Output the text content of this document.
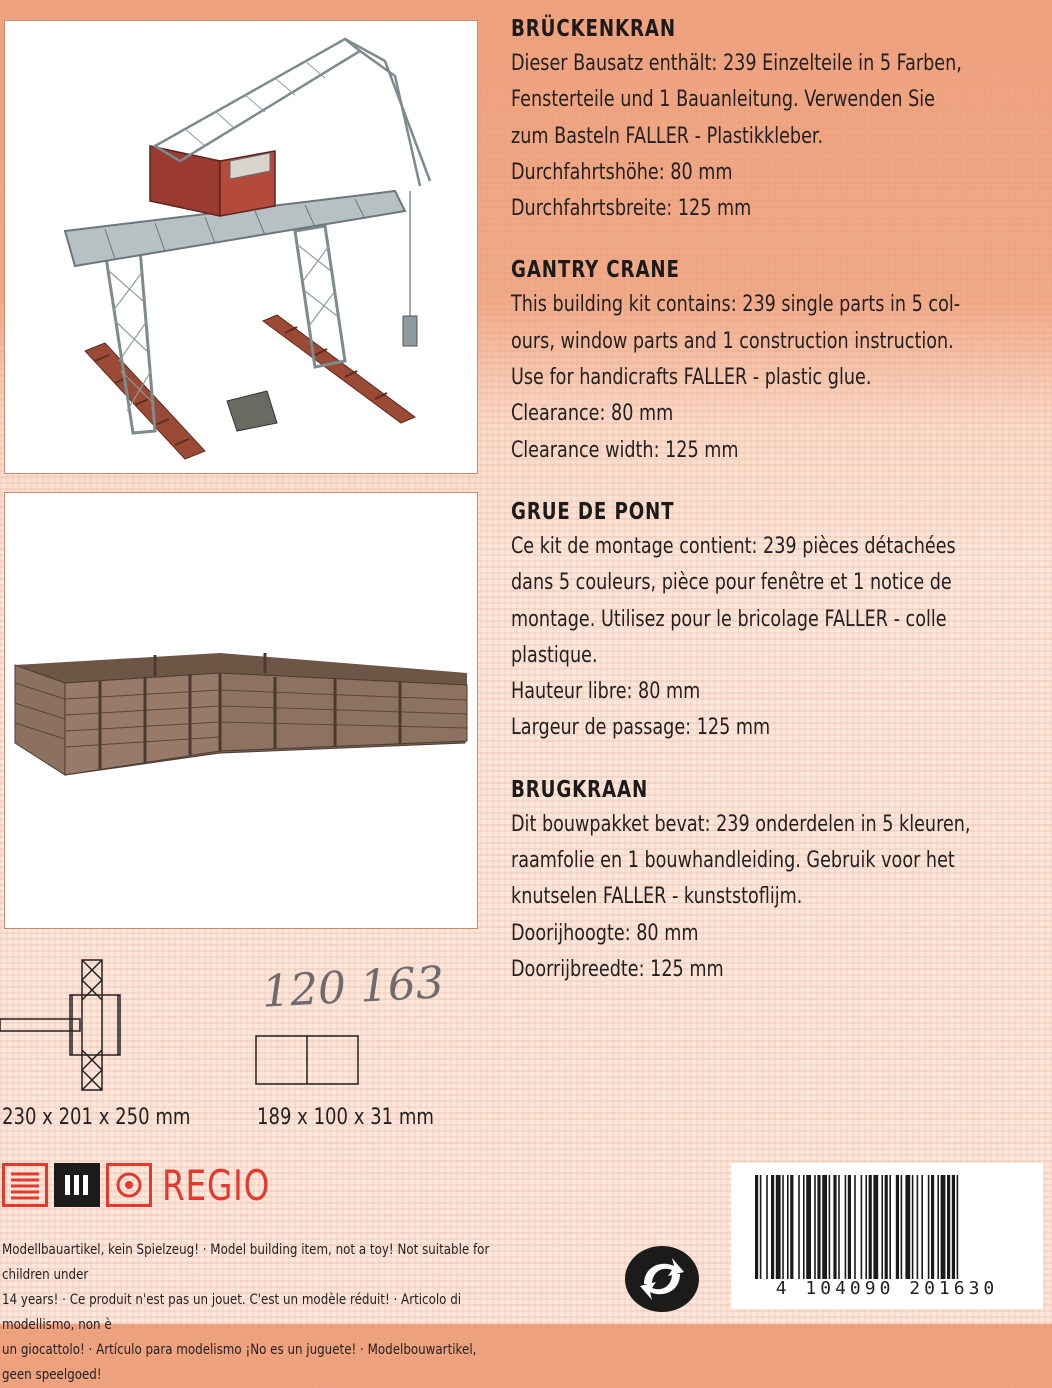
BRÜCKENKRAN

Dieser Bausatz enthält: 239 Einzelteile in 5 Farben,

Fensterteile und 1 Bauanleitung. Verwenden Sie

zum Basteln FALLER - Plastikkleber.

Durchfahrtshöhe: 80 mm

Durchfahrtsbreite: 125 mm

GANTRY CRANE

This building kit contains: 239 single parts in 5 col-

ours, window parts and 1 construction instruction.

Use for handicrafts FALLER - plastic glue.

Clearance: 80 mm

Clearance width: 125 mm

GRUE DE PONT

Ce kit de montage contient: 239 pièces détachées

dans 5 couleurs, pièce pour fenêtre et 1 notice de

montage. Utilisez pour le bricolage FALLER - colle

plastique.

Hauteur libre: 80 mm

Largeur de passage: 125 mm

BRUGKRAAN

Dit bouwpakket bevat: 239 onderdelen in 5 kleuren,

raamfolie en 1 bouwhandleiding. Gebruik voor het

knutselen FALLER - kunststoflijm.

Doorijhoogte: 80 mm

Doorrijbreedte: 125 mm

120 163
230 x 201 x 250 mm	189 x 100 x 31 mm
REGIO
Modellbauartikel, kein Spielzeug! · Model building item, not a toy! Not suitable for children under
14 years! · Ce produit n'est pas un jouet. C'est un modèle réduit! · Articolo di modellismo, non è
un giocattolo! · Artículo para modelismo ¡No es un juguete! · Modelbouwartikel, geen speelgoed!
4 104090 201630
